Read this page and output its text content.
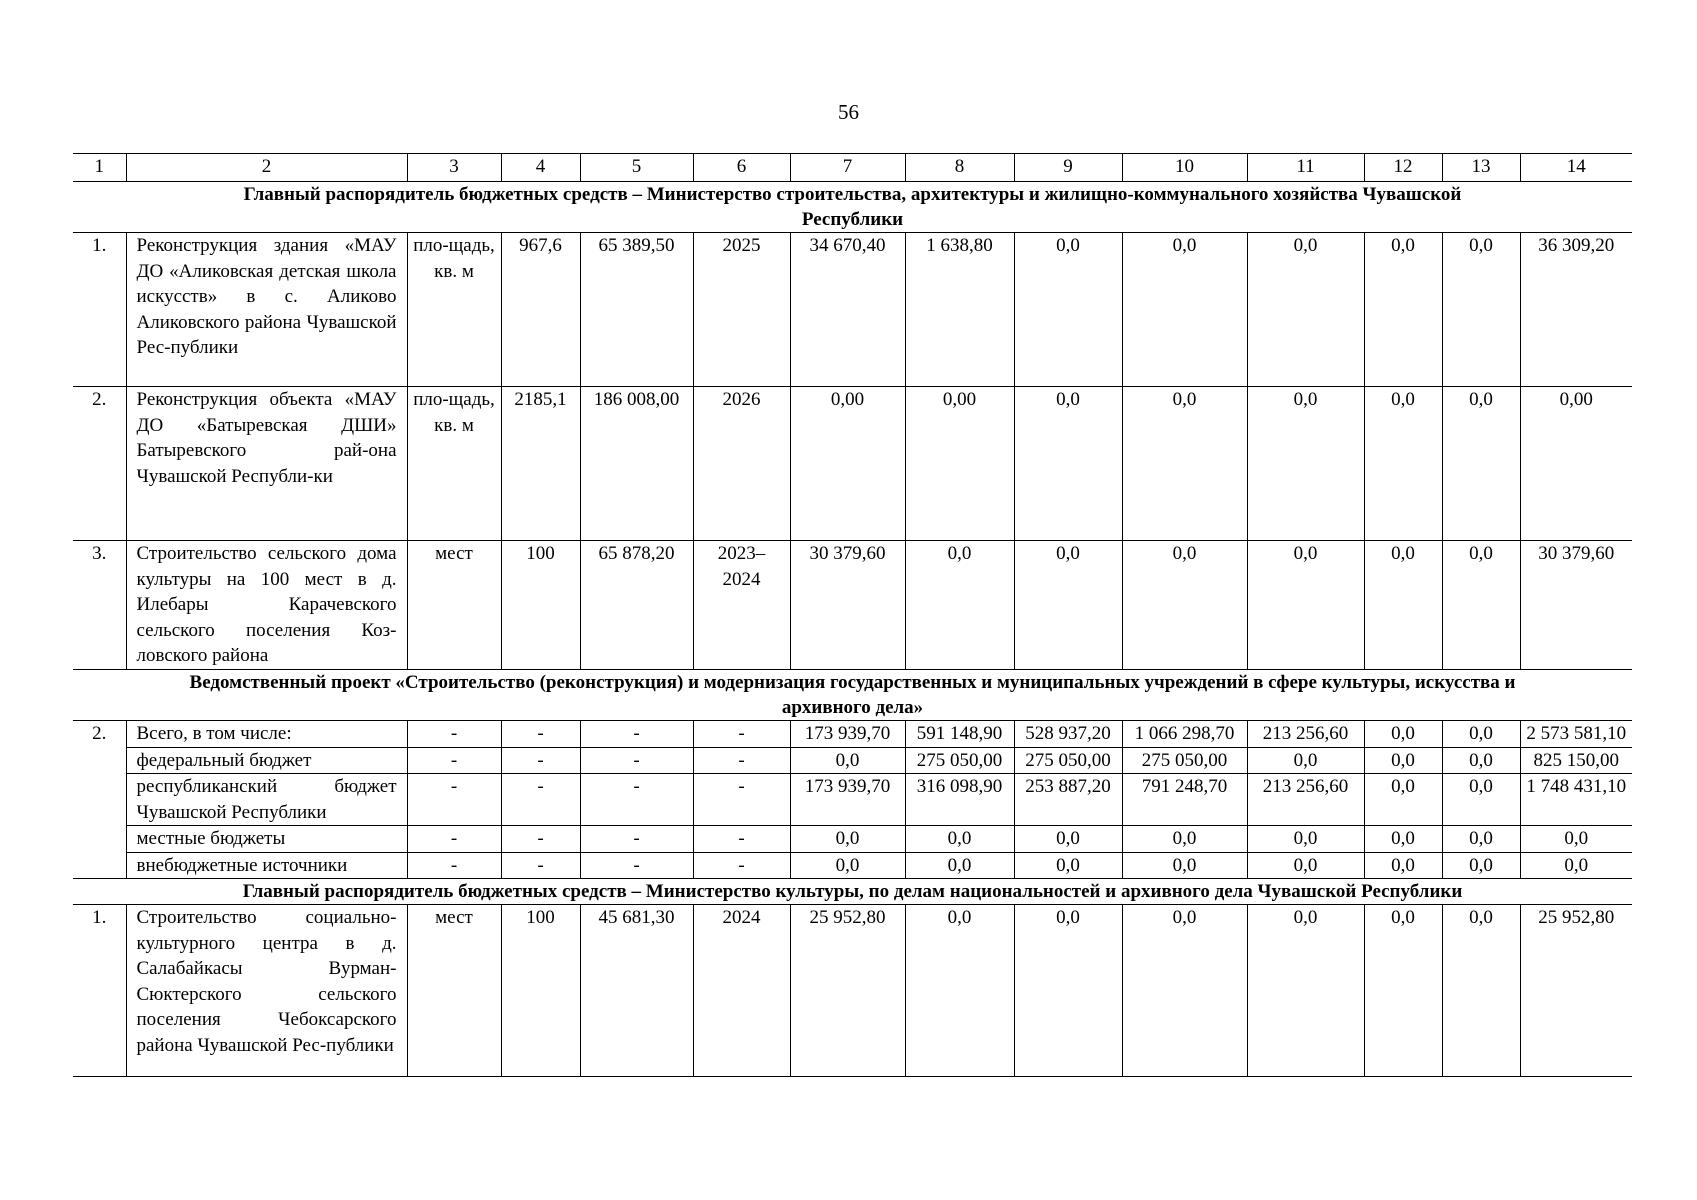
56
1	2	3	4	5	6	7	8	9	10	11	12	13	14
Главный распорядитель бюджетных средств – Министерство строительства, архитектуры и жилищно-коммунального хозяйства Чувашской Республики													
1.	Реконструкция здания «МАУ ДО «Аликовская детская школа искусств» в с. Аликово Аликовского района Чувашской Рес-публики	пло-щадь, кв. м	967,6	65 389,50	2025	34 670,40	1 638,80	0,0	0,0	0,0	0,0	0,0	36 309,20
2.	Реконструкция объекта «МАУ ДО «Батыревская ДШИ» Батыревского рай-она Чувашской Республи-ки	пло-щадь, кв. м	2185,1	186 008,00	2026	0,00	0,00	0,0	0,0	0,0	0,0	0,0	0,00
3.	Строительство сельского дома культуры на 100 мест в д. Илебары Карачевского сельского поселения Коз-ловского района	мест	100	65 878,20	2023–2024	30 379,60	0,0	0,0	0,0	0,0	0,0	0,0	30 379,60
Ведомственный проект «Строительство (реконструкция) и модернизация государственных и муниципальных учреждений в сфере культуры, искусства и архивного дела»													
2.	Всего, в том числе:	-	-	-	-	173 939,70	591 148,90	528 937,20	1 066 298,70	213 256,60	0,0	0,0	2 573 581,10
	федеральный бюджет	-	-	-	-	0,0	275 050,00	275 050,00	275 050,00	0,0	0,0	0,0	825 150,00
	республиканский бюджет Чувашской Республики	-	-	-	-	173 939,70	316 098,90	253 887,20	791 248,70	213 256,60	0,0	0,0	1 748 431,10
	местные бюджеты	-	-	-	-	0,0	0,0	0,0	0,0	0,0	0,0	0,0	0,0
	внебюджетные источники	-	-	-	-	0,0	0,0	0,0	0,0	0,0	0,0	0,0	0,0
Главный распорядитель бюджетных средств – Министерство культуры, по делам национальностей и архивного дела Чувашской Республики													
1.	Строительство социально-культурного центра в д. Салабайкасы Вурман-Сюктерского сельского поселения Чебоксарского района Чувашской Рес-публики	мест	100	45 681,30	2024	25 952,80	0,0	0,0	0,0	0,0	0,0	0,0	25 952,80
